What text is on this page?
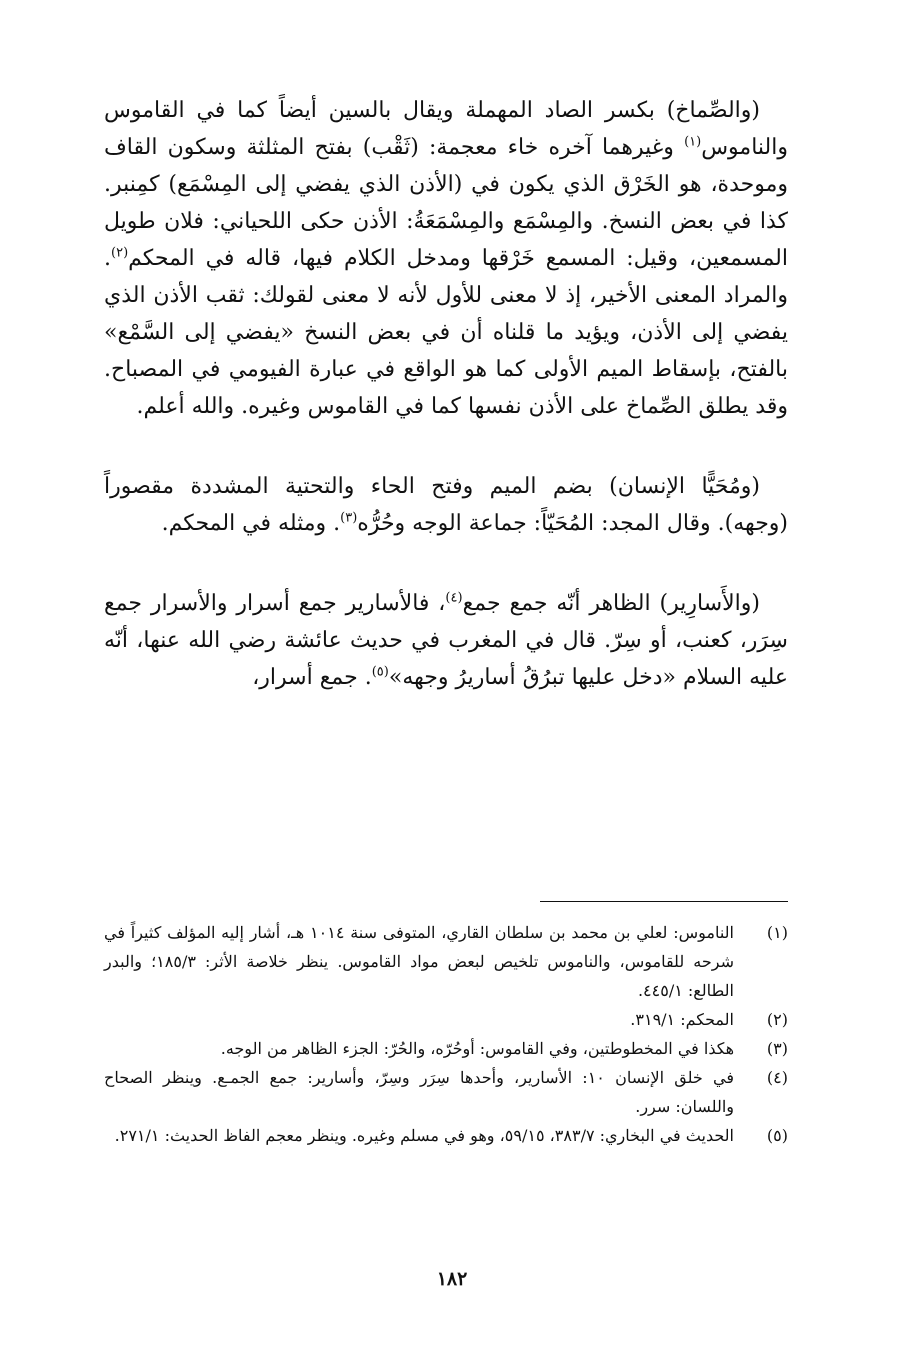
(والصِّماخ) بكسر الصاد المهملة ويقال بالسين أيضاً كما في القاموس والناموس$^{(١)}$ وغيرهما آخره خاء معجمة: (ثَقْب) بفتح المثلثة وسكون القاف وموحدة، هو الخَرْق الذي يكون في (الأذن الذي يفضي إلى المِسْمَع) كمِنبر. كذا في بعض النسخ. والمِسْمَع والمِسْمَعَةُ: الأذن حكى اللحياني: فلان طويل المسمعين، وقيل: المسمع خَرْقها ومدخل الكلام فيها، قاله في المحكم$^{(٢)}$. والمراد المعنى الأخير، إذ لا معنى للأول لأنه لا معنى لقولك: ثقب الأذن الذي يفضي إلى الأذن، ويؤيد ما قلناه أن في بعض النسخ «يفضي إلى السَّمْع» بالفتح، بإسقاط الميم الأولى كما هو الواقع في عبارة الفيومي في المصباح. وقد يطلق الصِّماخ على الأذن نفسها كما في القاموس وغيره. والله أعلم.

(ومُحَيًّا الإنسان) بضم الميم وفتح الحاء والتحتية المشددة مقصوراً (وجهه). وقال المجد: المُحَيّاً: جماعة الوجه وحُرُّه$^{(٣)}$. ومثله في المحكم.

(والأَسارِير) الظاهر أنّه جمع جمع$^{(٤)}$، فالأسارير جمع أسرار والأسرار جمع سِرَر، كعنب، أو سِرّ. قال في المغرب في حديث عائشة رضي الله عنها، أنّه عليه السلام «دخل عليها تبرُقُ أساريرُ وجهه»$^{(٥)}$. جمع أسرار،

(١)
الناموس: لعلي بن محمد بن سلطان القاري، المتوفى سنة ١٠١٤ هـ، أشار إليه المؤلف كثيراً في شرحه للقاموس، والناموس تلخيص لبعض مواد القاموس. ينظر خلاصة الأثر: ١٨٥/٣؛ والبدر الطالع: ٤٤٥/١.
(٢)
المحكم: ٣١٩/١.
(٣)
هكذا في المخطوطتين، وفي القاموس: أوحُرّه، والحُرّ: الجزء الظاهر من الوجه.
(٤)
في خلق الإنسان ١٠: الأسارير، وأحدها سِرَر وسِرّ، وأسارير: جمع الجمـع. وينظر الصحاح واللسان: سرر.
(٥)
الحديث في البخاري: ٣٨٣/٧، ٥٩/١٥، وهو في مسلم وغيره. وينظر معجم الفاظ الحديث: ٢٧١/١.
١٨٢
